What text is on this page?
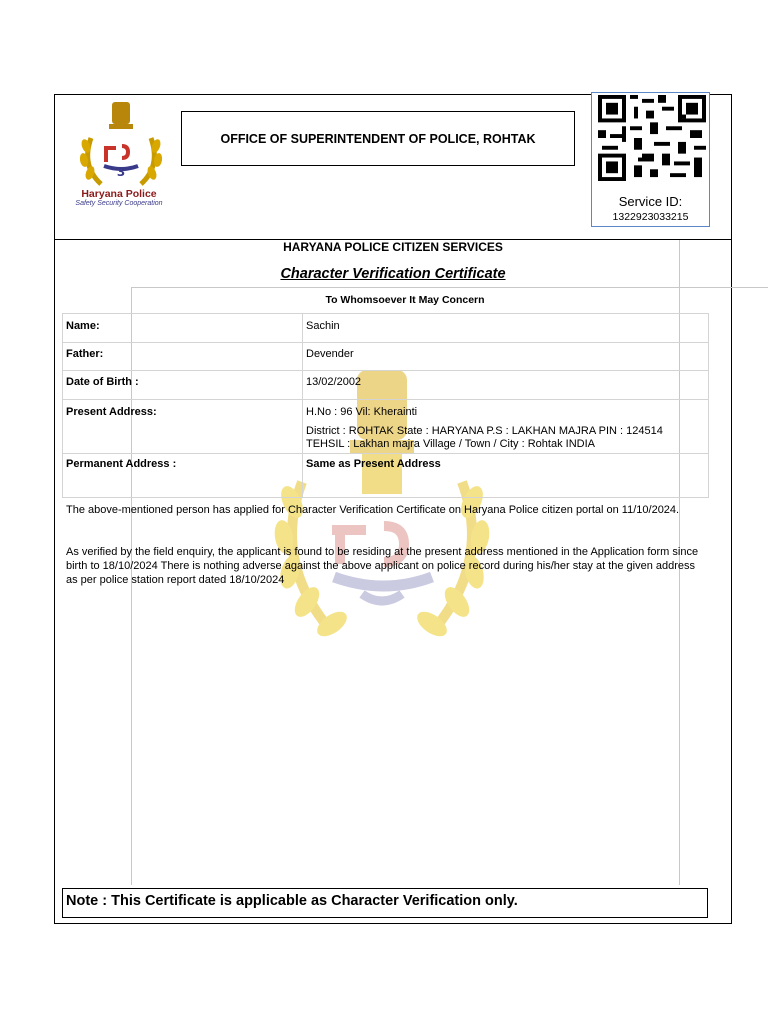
3
Haryana Police
Safety Security Cooperation
OFFICE OF SUPERINTENDENT OF POLICE, ROHTAK
Service ID:
1322923033215
HARYANA POLICE CITIZEN SERVICES
Character Verification Certificate
To Whomsoever It May Concern
Name:	Sachin
Father:	Devender
Date of Birth :	13/02/2002
Present Address:	H.No : 96 Vil: Kherainti
District : ROHTAK State : HARYANA P.S : LAKHAN MAJRA PIN : 124514
TEHSIL : Lakhan majra Village / Town / City : Rohtak INDIA
Permanent Address :	Same as Present Address
The above-mentioned person has applied for Character Verification Certificate on Haryana Police citizen portal on 11/10/2024.
As verified by the field enquiry, the applicant is found to be residing at the present address mentioned in the Application form since birth to 18/10/2024 There is nothing adverse against the above applicant on police record during his/her stay at the given address as per police station report dated 18/10/2024
Note : This Certificate is applicable as Character Verification only.
